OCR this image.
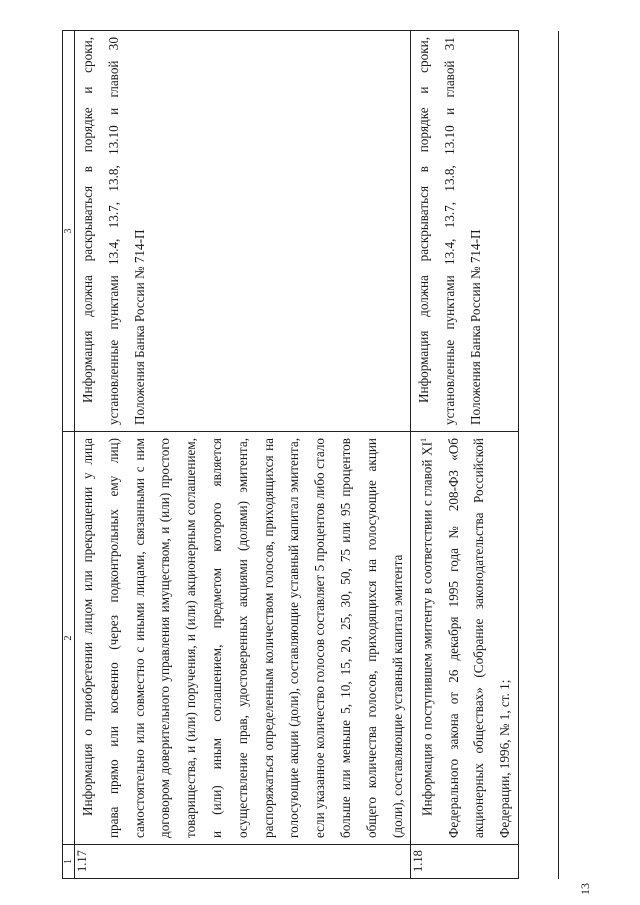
13
1	2	3
1.17	Информация о приобретении лицом или прекращении у лица права прямо или косвенно (через подконтрольных ему лиц) самостоятельно или совместно с иными лицами, связанными с ним договором доверительного управления имуществом, и (или) простого товарищества, и (или) поручения, и (или) акционерным соглашением, и (или) иным соглашением, предметом которого является осуществление прав, удостоверенных акциями (долями) эмитента, распоряжаться определенным количеством голосов, приходящихся на голосующие акции (доли), составляющие уставный капитал эмитента, если указанное количество голосов составляет 5 процентов либо стало больше или меньше 5, 10, 15, 20, 25, 30, 50, 75 или 95 процентов общего количества голосов, приходящихся на голосующие акции (доли), составляющие уставный капитал эмитента	Информация должна раскрываться в порядке и сроки, установленные пунктами 13.4, 13.7, 13.8, 13.10 и главой 30 Положения Банка России № 714-П

1.18	Информация о поступившем эмитенту в соответствии с главой $XI^1$ Федерального закона от 26 декабря 1995 года № 208-ФЗ «Об акционерных обществах» (Собрание законодательства Российской Федерации, 1996, № 1, ст. 1;	Информация должна раскрываться в порядке и сроки, установленные пунктами 13.4, 13.7, 13.8, 13.10 и главой 31 Положения Банка России № 714-П
